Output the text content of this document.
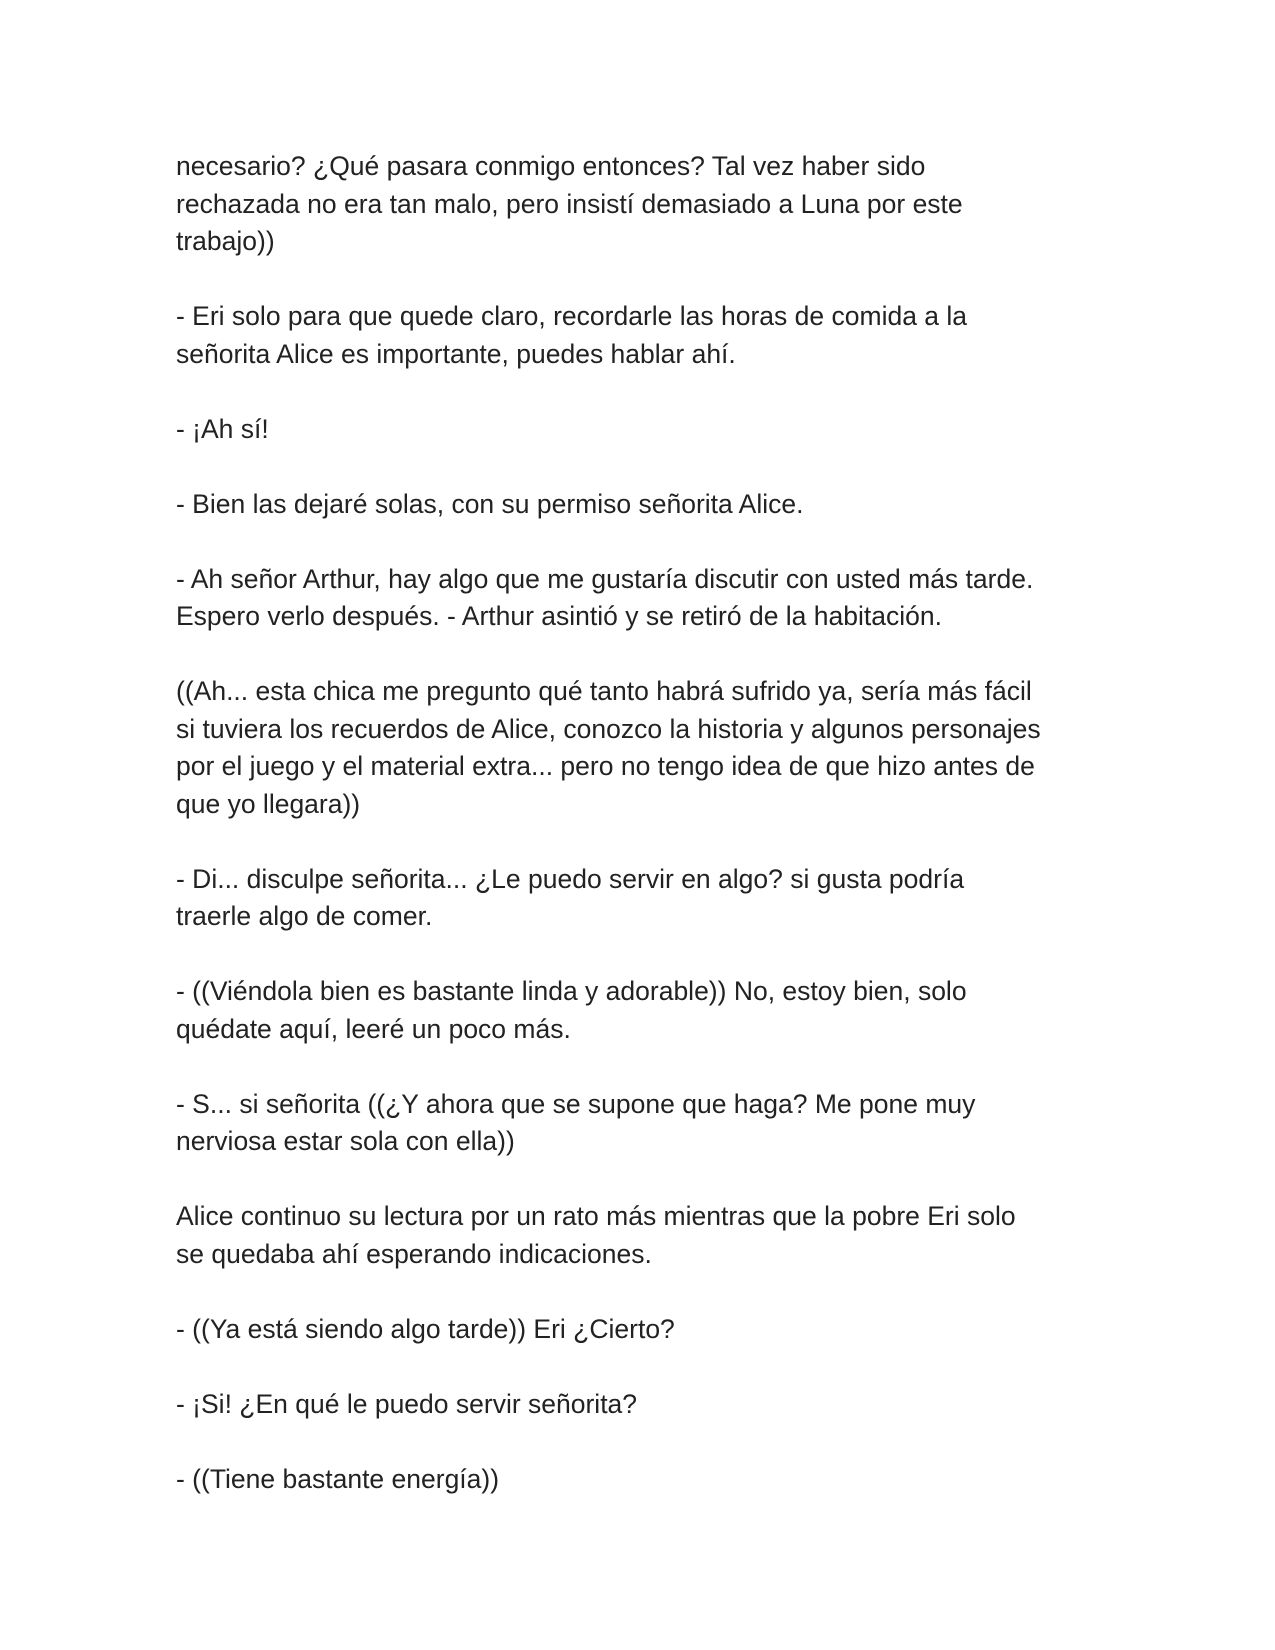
necesario? ¿Qué pasara conmigo entonces? Tal vez haber sido
rechazada no era tan malo, pero insistí demasiado a Luna por este
trabajo))

- Eri solo para que quede claro, recordarle las horas de comida a la
señorita Alice es importante, puedes hablar ahí.

- ¡Ah sí!

- Bien las dejaré solas, con su permiso señorita Alice.

- Ah señor Arthur, hay algo que me gustaría discutir con usted más tarde.
Espero verlo después. - Arthur asintió y se retiró de la habitación.

((Ah... esta chica me pregunto qué tanto habrá sufrido ya, sería más fácil
si tuviera los recuerdos de Alice, conozco la historia y algunos personajes
por el juego y el material extra... pero no tengo idea de que hizo antes de
que yo llegara))

- Di... disculpe señorita... ¿Le puedo servir en algo? si gusta podría
traerle algo de comer.

- ((Viéndola bien es bastante linda y adorable)) No, estoy bien, solo
quédate aquí, leeré un poco más.

- S... si señorita ((¿Y ahora que se supone que haga? Me pone muy
nerviosa estar sola con ella))

Alice continuo su lectura por un rato más mientras que la pobre Eri solo
se quedaba ahí esperando indicaciones.

- ((Ya está siendo algo tarde)) Eri ¿Cierto?

- ¡Si! ¿En qué le puedo servir señorita?

- ((Tiene bastante energía))
